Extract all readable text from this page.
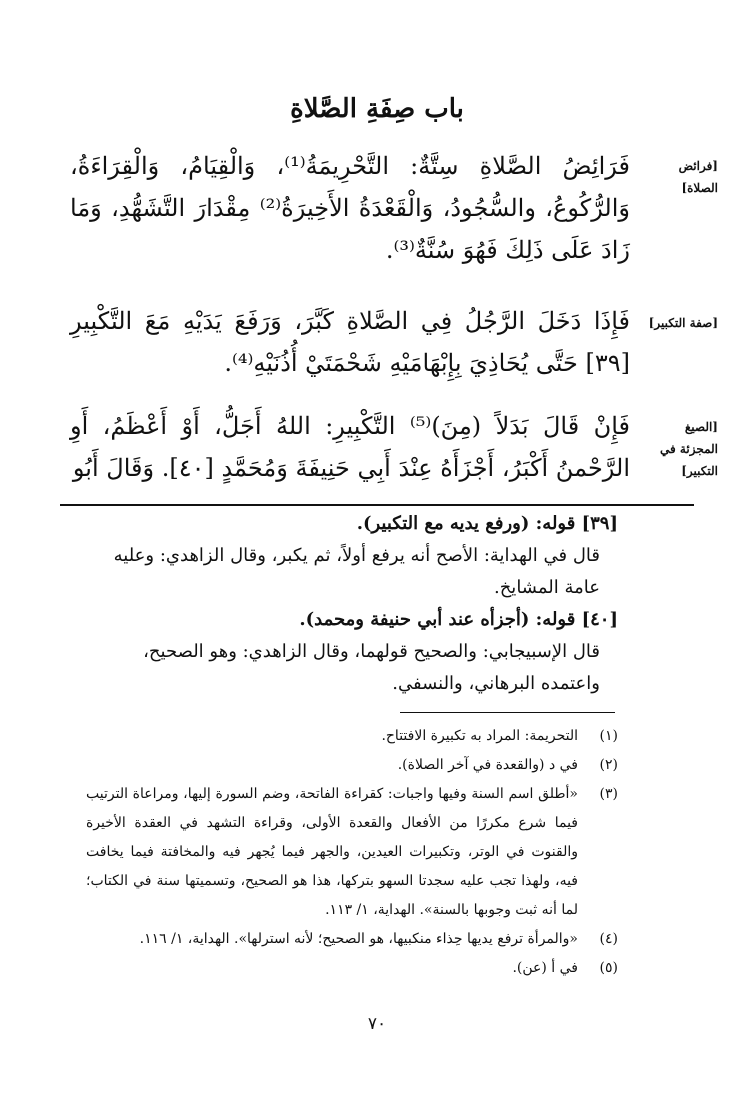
باب صِفَةِ الصَّلاةِ
[فرائض الصلاة]
فَرَائِضُ الصَّلاةِ سِتَّةٌ: التَّحْرِيمَةُ⁽¹⁾، وَالْقِيَامُ، وَالْقِرَاءَةُ، وَالرُّكُوعُ، والسُّجُودُ، وَالْقَعْدَةُ الأَخِيرَةُ⁽²⁾ مِقْدَارَ التَّشَهُّدِ، وَمَا زَادَ عَلَى ذَلِكَ فَهُوَ سُنَّةٌ⁽³⁾.
[صفة التكبير]
فَإِذَا دَخَلَ الرَّجُلُ فِي الصَّلاةِ كَبَّرَ، وَرَفَعَ يَدَيْهِ مَعَ التَّكْبِيرِ [٣٩] حَتَّى يُحَاذِيَ بِإِبْهَامَيْهِ شَحْمَتَيْ أُذُنَيْهِ⁽⁴⁾.
[الصيغ المجزئة في التكبير]
فَإِنْ قَالَ بَدَلاً (مِنَ)⁽⁵⁾ التَّكْبِيرِ: اللهُ أَجَلُّ، أَوْ أَعْظَمُ، أَوِ الرَّحْمنُ أَكْبَرُ، أَجْزَأَهُ عِنْدَ أَبِي حَنِيفَةَ وَمُحَمَّدٍ [٤٠]. وَقَالَ أَبُو
[٣٩] قوله: (ورفع يديه مع التكبير).
قال في الهداية: الأصح أنه يرفع أولاً، ثم يكبر، وقال الزاهدي: وعليه عامة المشايخ.
[٤٠] قوله: (أجزأه عند أبي حنيفة ومحمد).
قال الإسبيجابي: والصحيح قولهما، وقال الزاهدي: وهو الصحيح، واعتمده البرهاني، والنسفي.
(١)
التحريمة: المراد به تكبيرة الافتتاح.
(٢)
في د (والقعدة في آخر الصلاة).
(٣)
«أطلق اسم السنة وفيها واجبات: كقراءة الفاتحة، وضم السورة إليها، ومراعاة الترتيب فيما شرع مكررًا من الأفعال والقعدة الأولى، وقراءة التشهد في العقدة الأخيرة والقنوت في الوتر، وتكبيرات العيدين، والجهر فيما يُجهر فيه والمخافتة فيما يخافت فيه، ولهذا تجب عليه سجدتا السهو بتركها، هذا هو الصحيح، وتسميتها سنة في الكتاب؛ لما أنه ثبت وجوبها بالسنة». الهداية، ١/ ١١٣.
(٤)
«والمرأة ترفع يديها حِذاء منكبيها، هو الصحيح؛ لأنه استرلها». الهداية، ١/ ١١٦.
(٥)
في أ (عن).
٧٠
